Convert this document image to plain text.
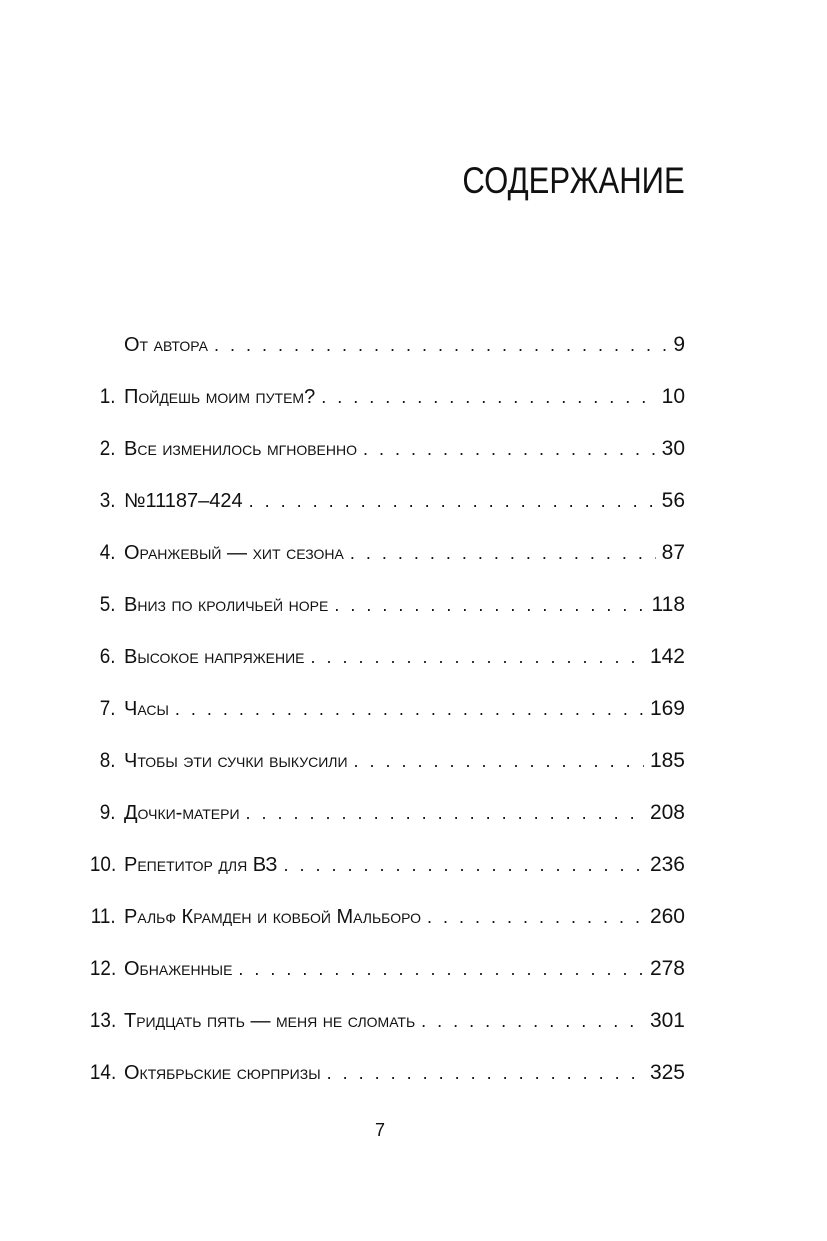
СОДЕРЖАНИЕ
От автора . . .	9
1. Пойдешь моим путем? . . .	10
2. Все изменилось мгновенно . . .	30
3. №11187–424 . . .	56
4. Оранжевый — хит сезона . . .	87
5. Вниз по кроличьей норе . . .	118
6. Высокое напряжение . . .	142
7. Часы . . .	169
8. Чтобы эти сучки выкусили . . .	185
9. Дочки-матери . . .	208
10. Репетитор для ВЗ . . .	236
11. Ральф Крамден и ковбой Мальборо . . .	260
12. Обнаженные . . .	278
13. Тридцать пять — меня не сломать . . .	301
14. Октябрьские сюрпризы . . .	325
7
